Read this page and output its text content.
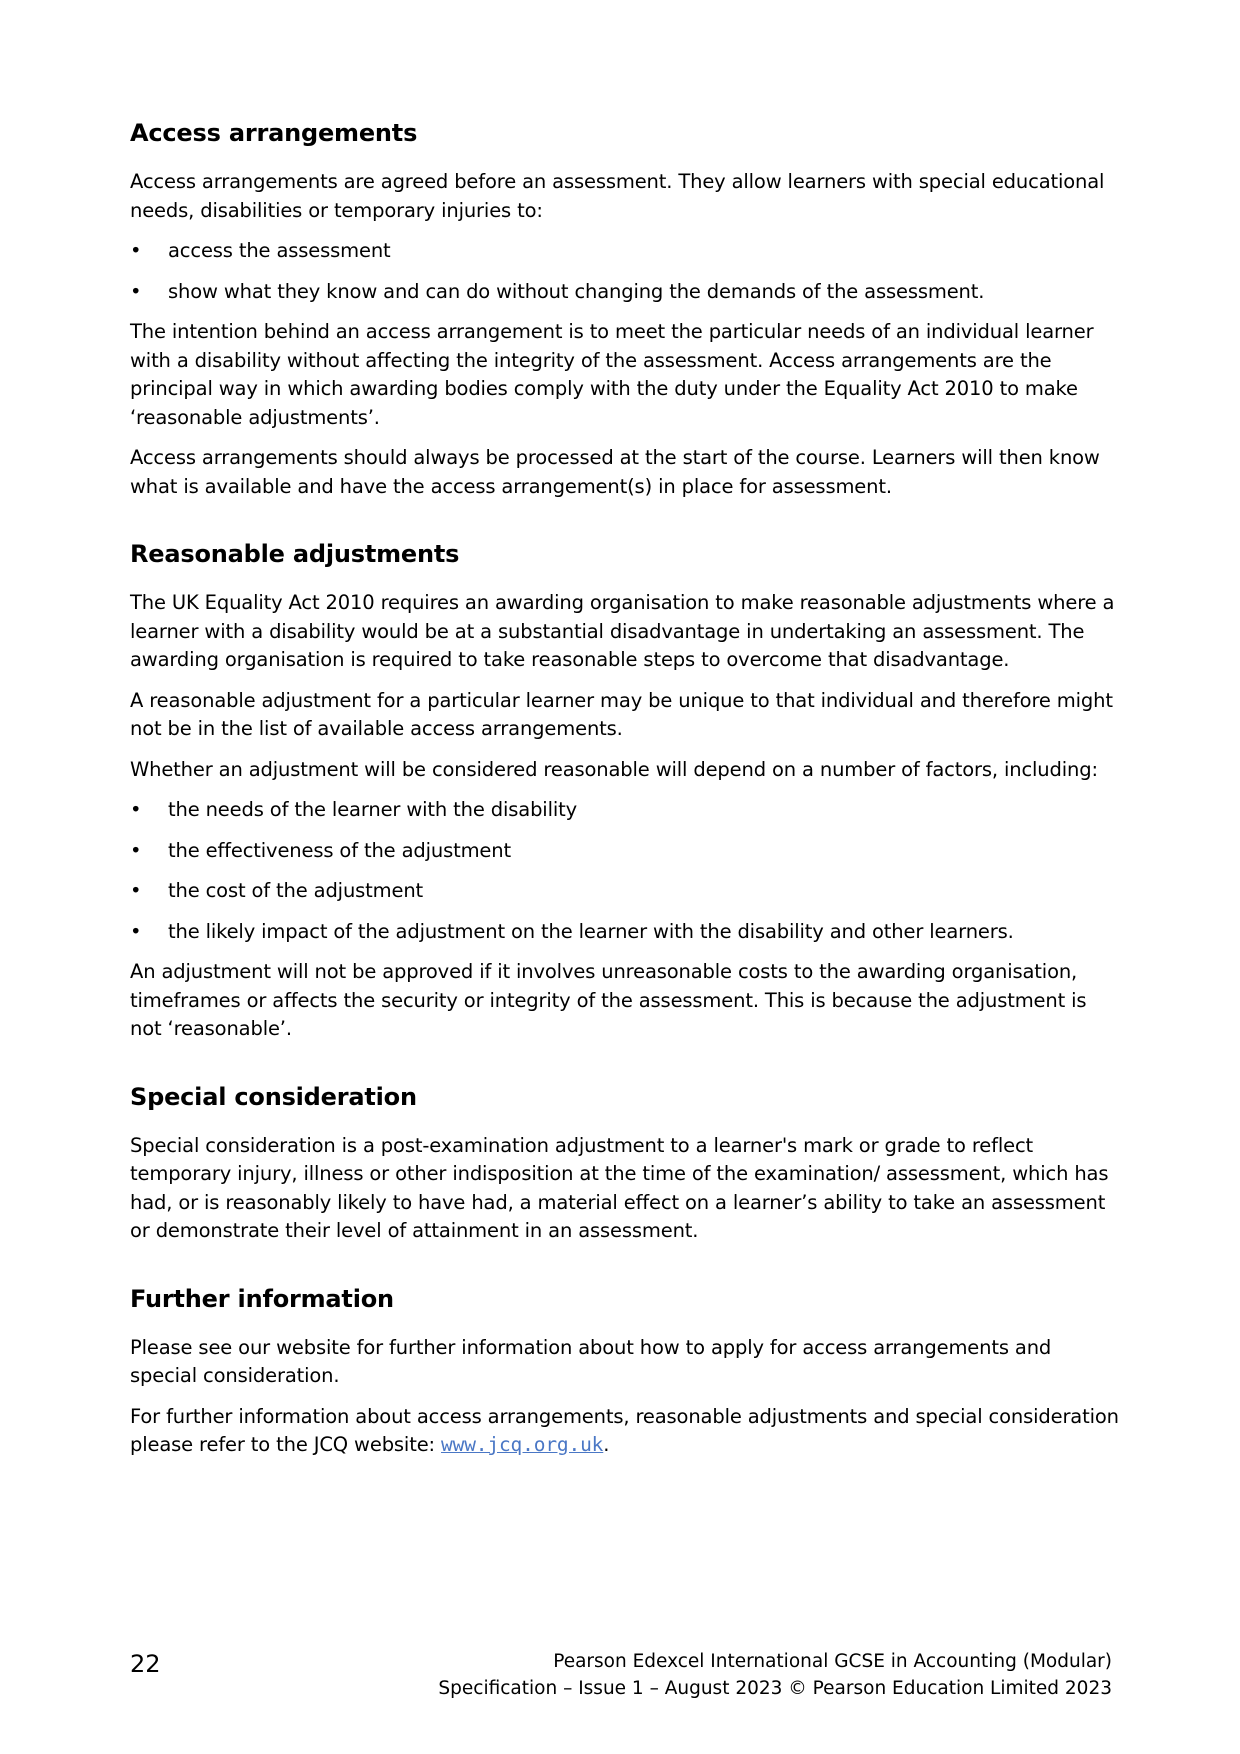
Access arrangements

Access arrangements are agreed before an assessment. They allow learners with special educational needs, disabilities or temporary injuries to:

• access the assessment
• show what they know and can do without changing the demands of the assessment.

The intention behind an access arrangement is to meet the particular needs of an individual learner with a disability without affecting the integrity of the assessment. Access arrangements are the principal way in which awarding bodies comply with the duty under the Equality Act 2010 to make ‘reasonable adjustments’.

Access arrangements should always be processed at the start of the course. Learners will then know what is available and have the access arrangement(s) in place for assessment.

Reasonable adjustments

The UK Equality Act 2010 requires an awarding organisation to make reasonable adjustments where a learner with a disability would be at a substantial disadvantage in undertaking an assessment. The awarding organisation is required to take reasonable steps to overcome that disadvantage.

A reasonable adjustment for a particular learner may be unique to that individual and therefore might not be in the list of available access arrangements.

Whether an adjustment will be considered reasonable will depend on a number of factors, including:

• the needs of the learner with the disability
• the effectiveness of the adjustment
• the cost of the adjustment
• the likely impact of the adjustment on the learner with the disability and other learners.

An adjustment will not be approved if it involves unreasonable costs to the awarding organisation, timeframes or affects the security or integrity of the assessment. This is because the adjustment is not ‘reasonable’.

Special consideration

Special consideration is a post-examination adjustment to a learner's mark or grade to reflect temporary injury, illness or other indisposition at the time of the examination/ assessment, which has had, or is reasonably likely to have had, a material effect on a learner’s ability to take an assessment or demonstrate their level of attainment in an assessment.

Further information

Please see our website for further information about how to apply for access arrangements and special consideration.

For further information about access arrangements, reasonable adjustments and special consideration please refer to the JCQ website: www.jcq.org.uk.

22	Pearson Edexcel International GCSE in Accounting (Modular)
Specification – Issue 1 – August 2023 © Pearson Education Limited 2023
